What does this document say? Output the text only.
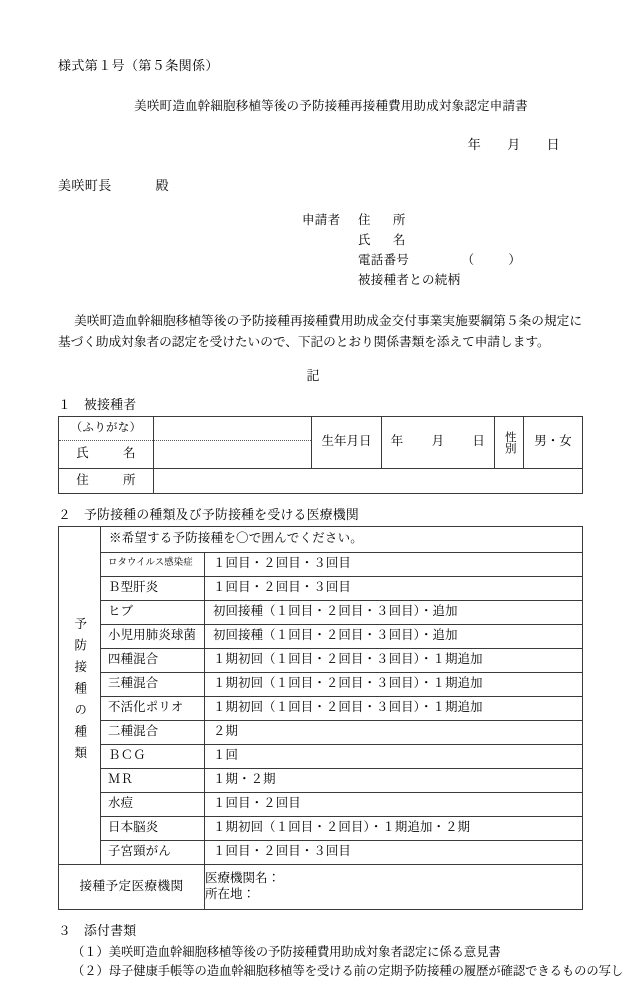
様式第１号（第５条関係）
美咲町造血幹細胞移植等後の予防接種再接種費用助成対象認定申請書
年 月 日
美咲町長	殿
申請者 住 所
氏 名
電話番号	（	）
被接種者との続柄
美咲町造血幹細胞移植等後の予防接種再接種費用助成金交付事業実施要綱第５条の規定に基づく助成対象者の認定を受けたいので、下記のとおり関係書類を添えて申請します。
記
１ 被接種者
（ふりがな）
氏 名		生年月日	年 月 日	性別	男・女
住 所					
２ 予防接種の種類及び予防接種を受ける医療機関
予防接種の種類	※希望する予防接種を〇で囲んでください。	
	ロタウイルス感染症	１回目・２回目・３回目
	Ｂ型肝炎	１回目・２回目・３回目
	ヒブ	初回接種（１回目・２回目・３回目）・追加
	小児用肺炎球菌	初回接種（１回目・２回目・３回目）・追加
	四種混合	１期初回（１回目・２回目・３回目）・１期追加
	三種混合	１期初回（１回目・２回目・３回目）・１期追加
	不活化ポリオ	１期初回（１回目・２回目・３回目）・１期追加
	二種混合	２期
	ＢＣＧ	１回
	ＭＲ	１期・２期
	水痘	１回目・２回目
	日本脳炎	１期初回（１回目・２回目）・１期追加・２期
	子宮頸がん	１回目・２回目・３回目
接種予定医療機関		医療機関名：
所在地：
３ 添付書類
（１）美咲町造血幹細胞移植等後の予防接種費用助成対象者認定に係る意見書
（２）母子健康手帳等の造血幹細胞移植等を受ける前の定期予防接種の履歴が確認できるものの写し
